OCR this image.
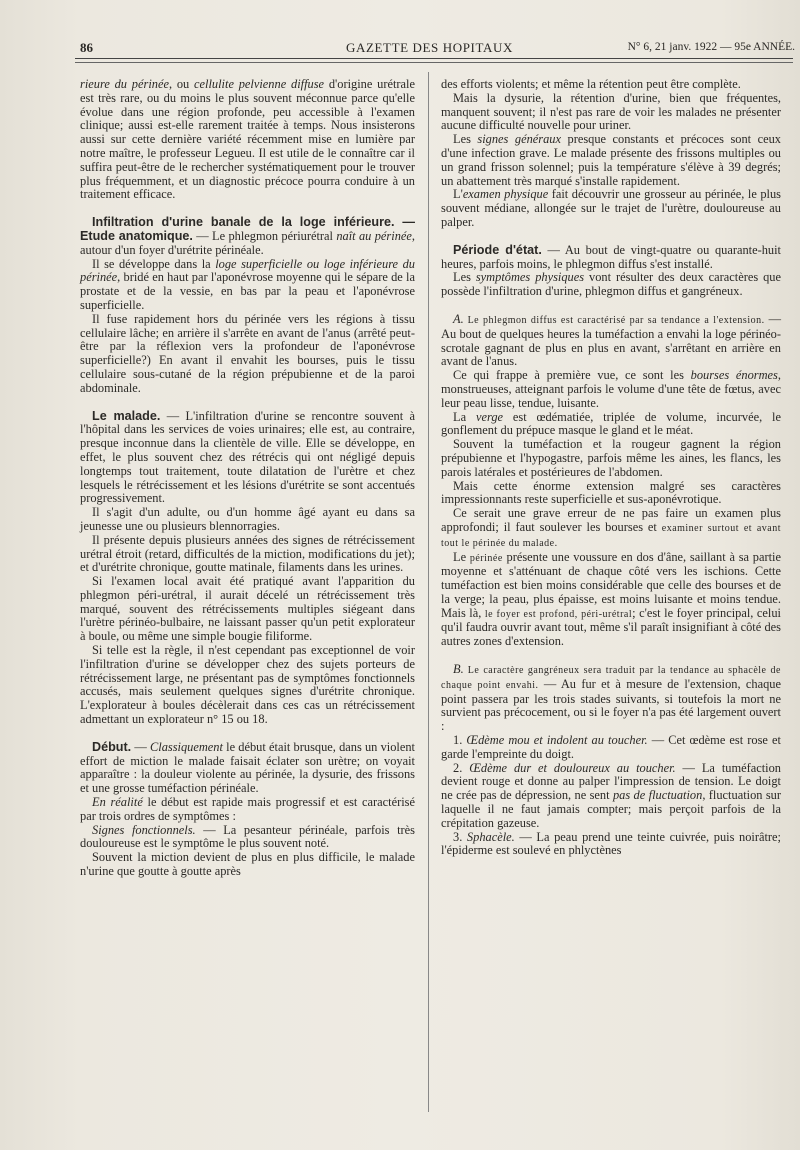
86	GAZETTE DES HOPITAUX	N° 6, 21 janv. 1922 — 95e ANNÉE.

rieure du périnée, ou cellulite pelvienne diffuse d'origine urétrale est très rare, ou du moins le plus souvent méconnue parce qu'elle évolue dans une région profonde, peu accessible à l'examen clinique; aussi est-elle rarement traitée à temps. Nous insisterons aussi sur cette dernière variété récemment mise en lumière par notre maître, le professeur Legueu. Il est utile de le connaître car il suffira peut-être de le rechercher systématiquement pour le trouver plus fréquemment, et un diagnostic précoce pourra conduire à un traitement efficace.

Infiltration d'urine banale de la loge inférieure. — Etude anatomique. — Le phlegmon périurétral naît au périnée, autour d'un foyer d'urétrite périnéale.

Il se développe dans la loge superficielle ou loge inférieure du périnée, bridé en haut par l'aponévrose moyenne qui le sépare de la prostate et de la vessie, en bas par la peau et l'aponévrose superficielle.

Il fuse rapidement hors du périnée vers les régions à tissu cellulaire lâche; en arrière il s'arrête en avant de l'anus (arrêté peut-être par la réflexion vers la profondeur de l'aponévrose superficielle?) En avant il envahit les bourses, puis le tissu cellulaire sous-cutané de la région prépubienne et de la paroi abdominale.

Le malade. — L'infiltration d'urine se rencontre souvent à l'hôpital dans les services de voies urinaires; elle est, au contraire, presque inconnue dans la clientèle de ville. Elle se développe, en effet, le plus souvent chez des rétrécis qui ont négligé depuis longtemps tout traitement, toute dilatation de l'urètre et chez lesquels le rétrécissement et les lésions d'urétrite se sont accentués progressivement.

Il s'agit d'un adulte, ou d'un homme âgé ayant eu dans sa jeunesse une ou plusieurs blennorragies.

Il présente depuis plusieurs années des signes de rétrécissement urétral étroit (retard, difficultés de la miction, modifications du jet); et d'urétrite chronique, goutte matinale, filaments dans les urines.

Si l'examen local avait été pratiqué avant l'apparition du phlegmon péri-urétral, il aurait décelé un rétrécissement très marqué, souvent des rétrécissements multiples siégeant dans l'urètre périnéo-bulbaire, ne laissant passer qu'un petit explorateur à boule, ou même une simple bougie filiforme.

Si telle est la règle, il n'est cependant pas exceptionnel de voir l'infiltration d'urine se développer chez des sujets porteurs de rétrécissement large, ne présentant pas de symptômes fonctionnels accusés, mais seulement quelques signes d'urétrite chronique. L'explorateur à boules décèlerait dans ces cas un rétrécissement admettant un explorateur n° 15 ou 18.

Début. — Classiquement le début était brusque, dans un violent effort de miction le malade faisait éclater son urètre; on voyait apparaître : la douleur violente au périnée, la dysurie, des frissons et une grosse tuméfaction périnéale.

En réalité le début est rapide mais progressif et est caractérisé par trois ordres de symptômes :

Signes fonctionnels. — La pesanteur périnéale, parfois très douloureuse est le symptôme le plus souvent noté.

Souvent la miction devient de plus en plus difficile, le malade n'urine que goutte à goutte après

des efforts violents; et même la rétention peut être complète.

Mais la dysurie, la rétention d'urine, bien que fréquentes, manquent souvent; il n'est pas rare de voir les malades ne présenter aucune difficulté nouvelle pour uriner.

Les signes généraux presque constants et précoces sont ceux d'une infection grave. Le malade présente des frissons multiples ou un grand frisson solennel; puis la température s'élève à 39 degrés; un abattement très marqué s'installe rapidement.

L'examen physique fait découvrir une grosseur au périnée, le plus souvent médiane, allongée sur le trajet de l'urètre, douloureuse au palper.

Période d'état. — Au bout de vingt-quatre ou quarante-huit heures, parfois moins, le phlegmon diffus s'est installé.

Les symptômes physiques vont résulter des deux caractères que possède l'infiltration d'urine, phlegmon diffus et gangréneux.

A. Le phlegmon diffus est caractérisé par sa tendance a l'extension. — Au bout de quelques heures la tuméfaction a envahi la loge périnéo-scrotale gagnant de plus en plus en avant, s'arrêtant en arrière en avant de l'anus.

Ce qui frappe à première vue, ce sont les bourses énormes, monstrueuses, atteignant parfois le volume d'une tête de fœtus, avec leur peau lisse, tendue, luisante.

La verge est œdématiée, triplée de volume, incurvée, le gonflement du prépuce masque le gland et le méat.

Souvent la tuméfaction et la rougeur gagnent la région prépubienne et l'hypogastre, parfois même les aines, les flancs, les parois latérales et postérieures de l'abdomen.

Mais cette énorme extension malgré ses caractères impressionnants reste superficielle et sus-aponévrotique.

Ce serait une grave erreur de ne pas faire un examen plus approfondi; il faut soulever les bourses et examiner surtout et avant tout le périnée du malade.

Le périnée présente une voussure en dos d'âne, saillant à sa partie moyenne et s'atténuant de chaque côté vers les ischions. Cette tuméfaction est bien moins considérable que celle des bourses et de la verge; la peau, plus épaisse, est moins luisante et moins tendue. Mais là, le foyer est profond, péri-urétral; c'est le foyer principal, celui qu'il faudra ouvrir avant tout, même s'il paraît insignifiant à côté des autres zones d'extension.

B. Le caractère gangréneux sera traduit par la tendance au sphacèle de chaque point envahi. — Au fur et à mesure de l'extension, chaque point passera par les trois stades suivants, si toutefois la mort ne survient pas précocement, ou si le foyer n'a pas été largement ouvert :

1. Œdème mou et indolent au toucher. — Cet œdème est rose et garde l'empreinte du doigt.

2. Œdème dur et douloureux au toucher. — La tuméfaction devient rouge et donne au palper l'impression de tension. Le doigt ne crée pas de dépression, ne sent pas de fluctuation, fluctuation sur laquelle il ne faut jamais compter; mais perçoit parfois de la crépitation gazeuse.

3. Sphacèle. — La peau prend une teinte cuivrée, puis noirâtre; l'épiderme est soulevé en phlyctènes
